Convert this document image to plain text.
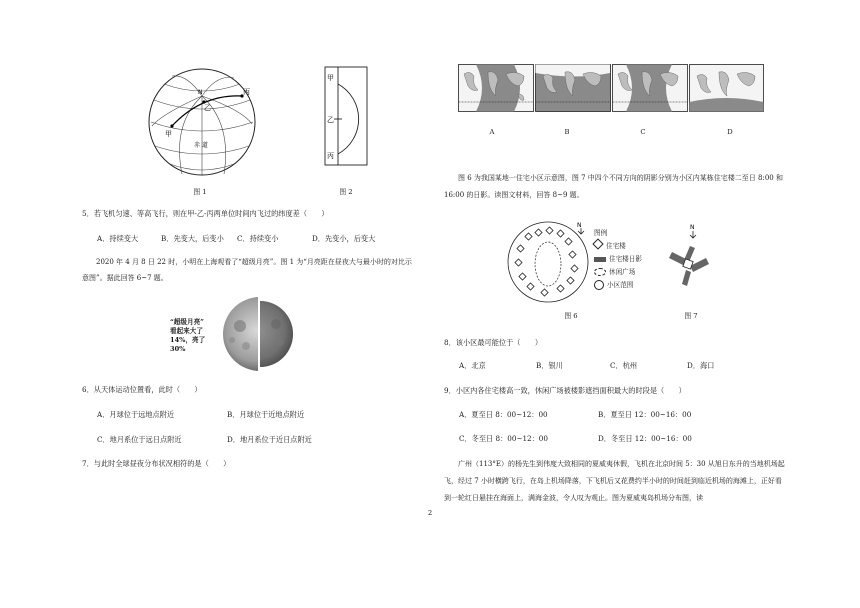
N
甲
乙
丙
赤 道
图 1
甲
乙
丙
图 2
5．若飞机匀速、等高飞行，则在甲-乙-丙两单位时间内飞过的纬度差（　　）
A．持续变大	B．先变大，后变小 C．持续变小	D．先变小，后变大
2020 年 4 月 8 日 22 时，小明在上海观看了“超级月亮”。图 1 为“月亮距在昼夜大与最小时的对比示意图”。据此回答 6~7 题。
“超级月亮”
看起来大了
14%，亮了
30%
月亮看
起来最
小的时
候
6．从天体运动位置看，此时（　　）
A．月球位于远地点附近	B．月球位于近地点附近
C．地月系位于远日点附近	D．地月系位于近日点附近
7．与此时全球昼夜分布状况相符的是（　　）
A	B	C	D
图 6 为我国某地一住宅小区示意图，图 7 中四个不同方向的阴影分别为小区内某栋住宅楼二至日 8:00 和 16:00 的日影。读图文材料，回答 8~9 题。
N
图例
住宅楼
住宅楼日影
休闲广场
小区范围
图 6
N
图 7
8．该小区最可能位于（　　）
A．北京	B．银川	C．杭州	D．海口
9．小区内各住宅楼高一致，休闲广场被楼影遮挡面积最大的时段是（　　）
A．夏至日 8：00~12：00	B．夏至日 12：00~16：00
C．冬至日 8：00~12：00	D．冬至日 12：00~16：00
广州（113°E）的杨先生到伟度大致相同的夏威夷休假，飞机在北京时间 5：30 从旭日东升的当地机场起飞，经过 7 小时横跨飞行，在岛上机场降落，下飞机后又花费约半小时的时间赶到临近机场的海滩上，正好看到一轮红日悬挂在海面上，满海金波，令人叹为观止。图为夏威夷岛机场分布图，读
2
